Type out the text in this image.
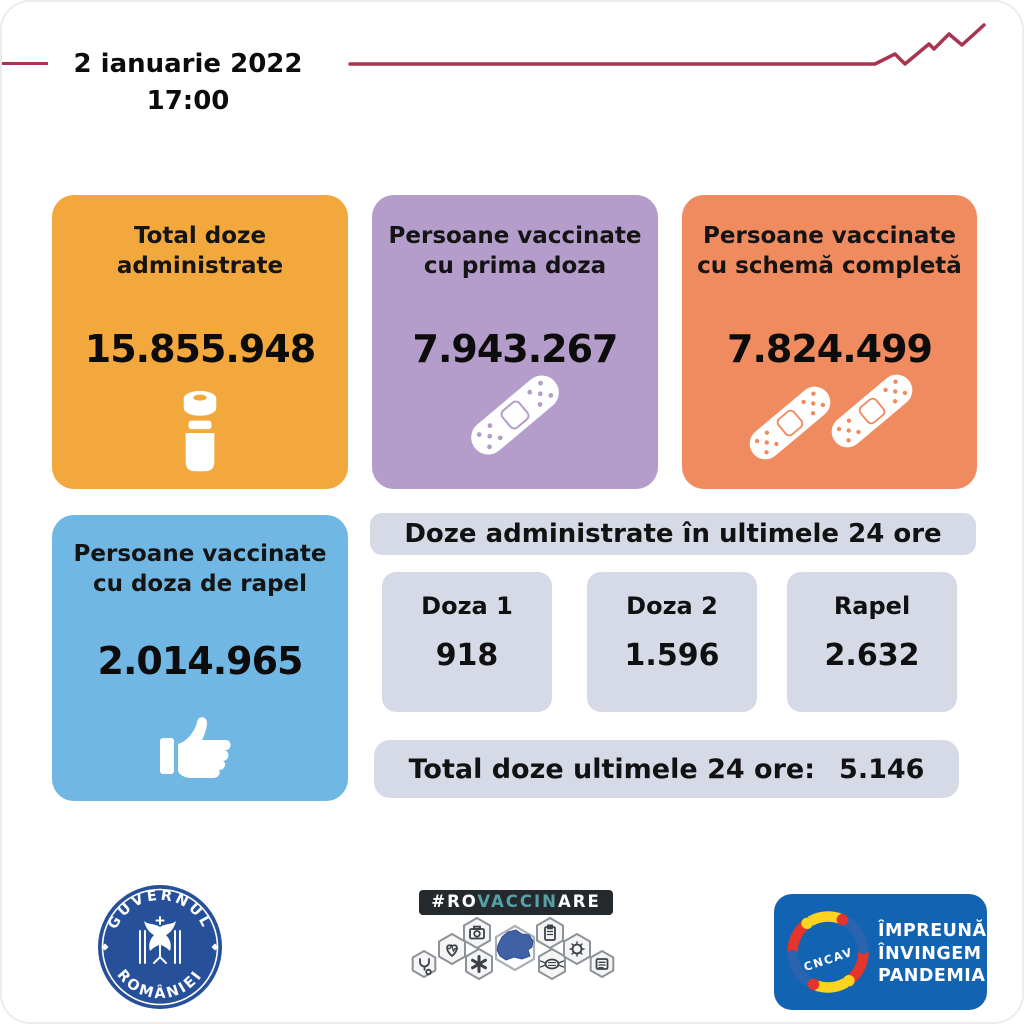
2 ianuarie 2022
17:00
Total doze
administrate
15.855.948
Persoane vaccinate
cu prima doza
7.943.267
Persoane vaccinate
cu schemă completă
7.824.499
Persoane vaccinate
cu doza de rapel
2.014.965
Doze administrate în ultimele 24 ore
Doza 1
918
Doza 2
1.596
Rapel
2.632
Total doze ultimele 24 ore: 5.146
GUVERNUL
ROMÂNIEI
#ROVACCINARE
CNCAV
ÎMPREUNĂ
ÎNVINGEM
PANDEMIA
